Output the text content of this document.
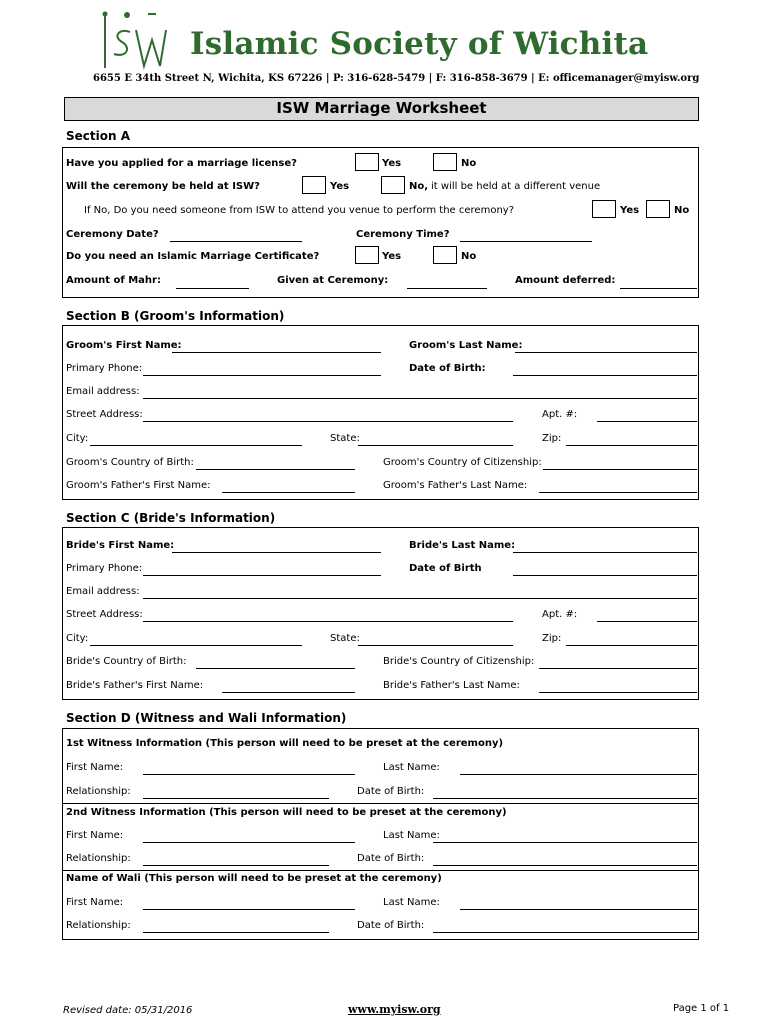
Islamic Society of Wichita
6655 E 34th Street N, Wichita, KS 67226 | P: 316-628-5479 | F: 316-858-3679 | E: officemanager@myisw.org
ISW Marriage Worksheet
Section A
Have you applied for a marriage license?	Yes	No
Will the ceremony be held at ISW?	Yes	No, it will be held at a different venue
If No, Do you need someone from ISW to attend you venue to perform the ceremony?	Yes	No
Ceremony Date?	Ceremony Time?
Do you need an Islamic Marriage Certificate?	Yes	No
Amount of Mahr:	Given at Ceremony:	Amount deferred:
Section B (Groom's Information)
Groom's First Name:	Groom's Last Name:
Primary Phone:	Date of Birth:
Email address:
Street Address:	Apt. #:
City:	State:	Zip:
Groom's Country of Birth:	Groom's Country of Citizenship:
Groom's Father's First Name:	Groom's Father's Last Name:
Section C (Bride's Information)
Bride's First Name:	Bride's Last Name:
Primary Phone:	Date of Birth
Email address:
Street Address:	Apt. #:
City:	State:	Zip:
Bride's Country of Birth:	Bride's Country of Citizenship:
Bride's Father's First Name:	Bride's Father's Last Name:
Section D (Witness and Wali Information)
1st Witness Information (This person will need to be preset at the ceremony)
First Name:	Last Name:
Relationship:	Date of Birth:
2nd Witness Information (This person will need to be preset at the ceremony)
First Name:	Last Name:
Relationship:	Date of Birth:
Name of Wali (This person will need to be preset at the ceremony)
First Name:	Last Name:
Relationship:	Date of Birth:
Revised date: 05/31/2016	www.myisw.org	Page 1 of 1
